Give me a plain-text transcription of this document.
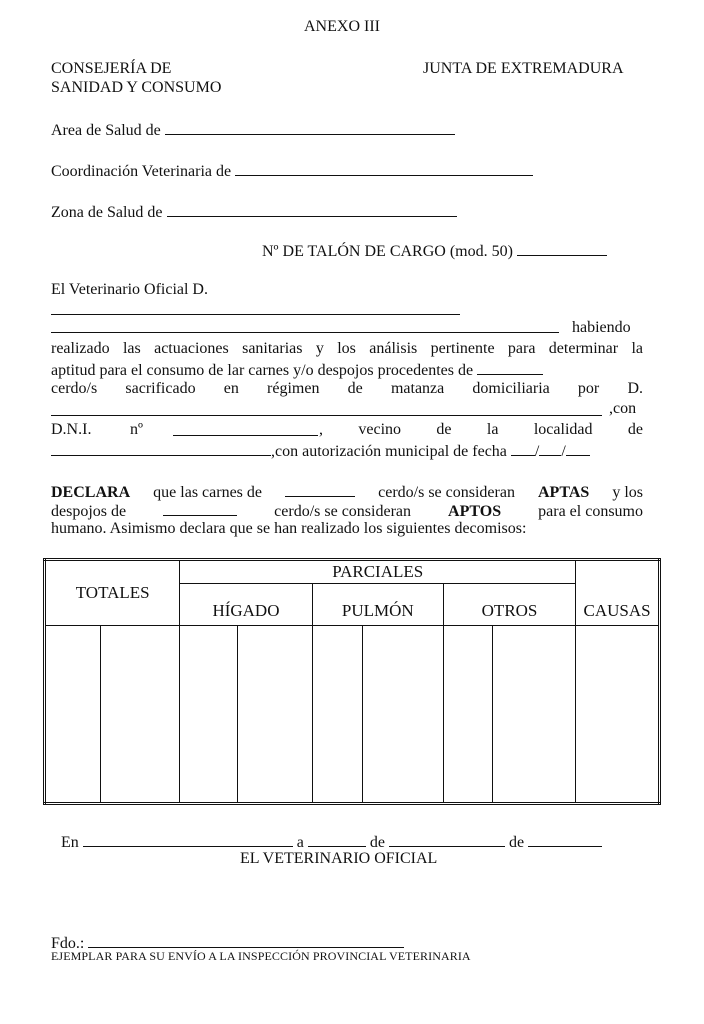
ANEXO III
CONSEJERÍA DE
SANIDAD Y CONSUMO
JUNTA DE EXTREMADURA
Area de Salud de
Coordinación Veterinaria de
Zona de Salud de
Nº DE TALÓN DE CARGO (mod. 50)
El Veterinario Oficial D.
habiendo
realizado las actuaciones sanitarias y los análisis pertinente para determinar la
aptitud para el consumo de lar carnes y/o despojos procedentes de
cerdo/s sacrificado en régimen de matanza domiciliaria por D.
,con
D.N.I. nº	, vecino de la localidad de
,con autorización municipal de fecha / /
DECLARA que las carnes de	cerdo/s se consideran APTAS y los
despojos de	cerdo/s se consideran APTOS para el consumo
humano. Asimismo declara que se han realizado los siguientes decomisos:
TOTALES		PARCIALES						CAUSAS
		HÍGADO		PULMÓN		OTROS		

En	a	de	de
EL VETERINARIO OFICIAL
Fdo.:
EJEMPLAR PARA SU ENVÍO A LA INSPECCIÓN PROVINCIAL VETERINARIA
